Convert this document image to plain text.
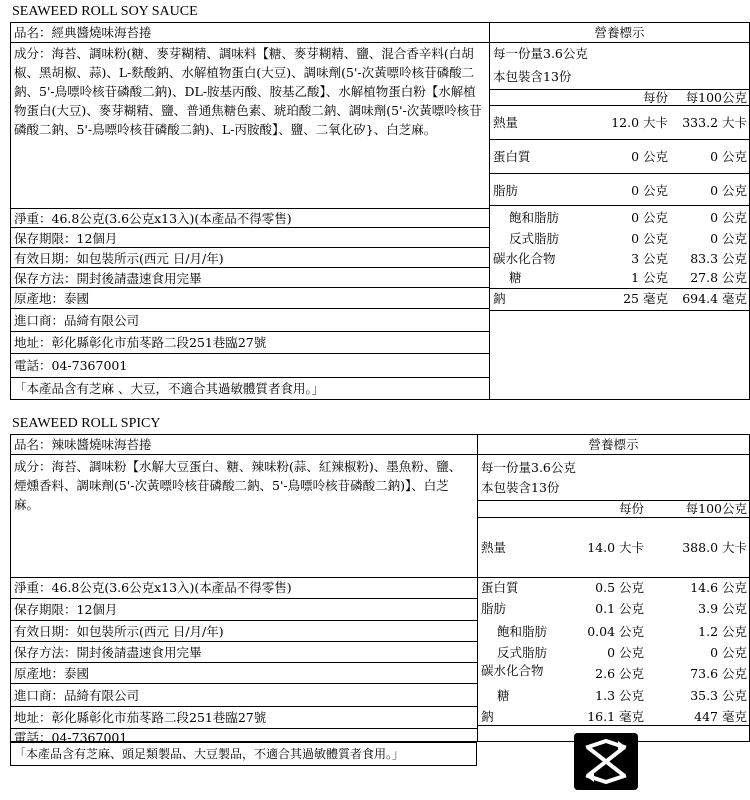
SEAWEED ROLL SOY SAUCE
品名：經典醬燒味海苔捲
成分：海苔、調味粉(糖、麥芽糊精、調味料【糖、麥芽糊精、鹽、混合香辛料(白胡椒、黑胡椒、蒜)、L-麩酸鈉、水解植物蛋白(大豆)、調味劑(5'-次黃嘌呤核苷磷酸二鈉、5'-鳥嘌呤核苷磷酸二鈉)、DL-胺基丙酸、胺基乙酸】、水解植物蛋白粉【水解植物蛋白(大豆)、麥芽糊精、鹽、普通焦糖色素、琥珀酸二鈉、調味劑(5'-次黃嘌呤核苷磷酸二鈉、5'-鳥嘌呤核苷磷酸二鈉)、L-丙胺酸】、鹽、二氧化矽}、白芝麻。
淨重：46.8公克(3.6公克x13入)(本產品不得零售)
保存期限：12個月
有效日期：如包裝所示(西元 日/月/年)
保存方法：開封後請盡速食用完畢
原產地：泰國
進口商：品綺有限公司
地址：彰化縣彰化市茄苳路二段251巷臨27號
電話：04-7367001
「本產品含有芝麻 、大豆，不適合其過敏體質者食用。」
營養標示
每一份量3.6公克
本包裝含13份
每份	每100公克
熱量	12.0 大卡	333.2 大卡
蛋白質	0 公克	0 公克
脂肪	0 公克	0 公克
飽和脂肪	0 公克	0 公克
反式脂肪	0 公克	0 公克
碳水化合物	3 公克	83.3 公克
糖	1 公克	27.8 公克
鈉	25 毫克	694.4 毫克
SEAWEED ROLL SPICY
品名：辣味醬燒味海苔捲
成分：海苔、調味粉【水解大豆蛋白、糖、辣味粉(蒜、紅辣椒粉)、墨魚粉、鹽、煙燻香料、調味劑(5'-次黃嘌呤核苷磷酸二鈉、5'-鳥嘌呤核苷磷酸二鈉)】、白芝麻。
淨重：46.8公克(3.6公克x13入)(本產品不得零售)
保存期限：12個月
有效日期：如包裝所示(西元 日/月/年)
保存方法：開封後請盡速食用完畢
原產地：泰國
進口商：品綺有限公司
地址：彰化縣彰化市茄苳路二段251巷臨27號
電話：04-7367001
「本產品含有芝麻、頭足類製品、大豆製品，不適合其過敏體質者食用。」
營養標示
每一份量3.6公克
本包裝含13份
每份	每100公克
熱量	14.0 大卡	388.0 大卡
蛋白質	0.5 公克	14.6 公克
脂肪	0.1 公克	3.9 公克
飽和脂肪	0.04 公克	1.2 公克
反式脂肪	0 公克	0 公克
碳水化合物	2.6 公克	73.6 公克
糖	1.3 公克	35.3 公克
鈉	16.1 毫克	447 毫克
